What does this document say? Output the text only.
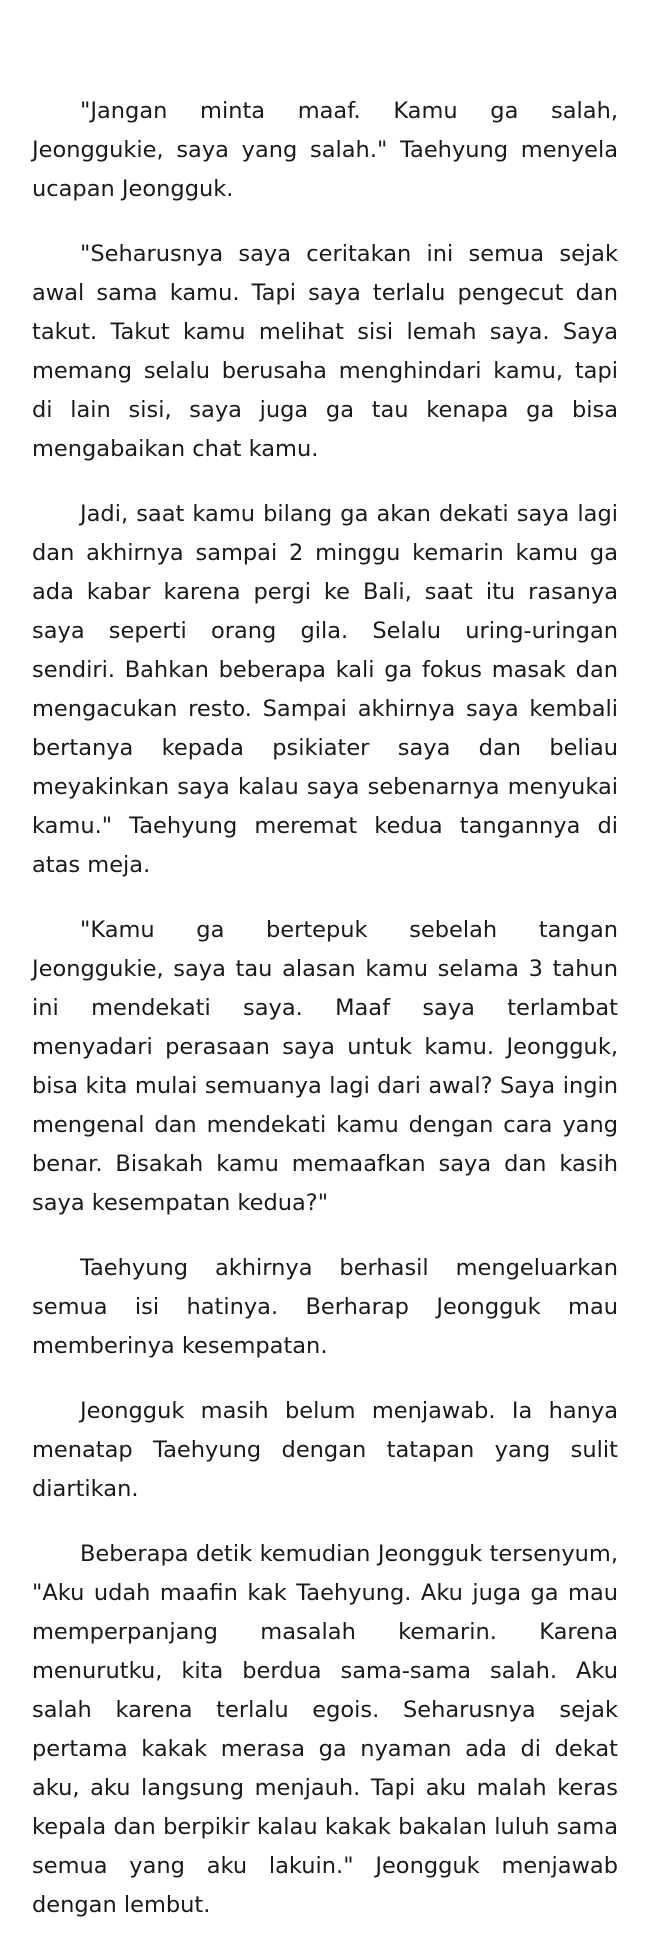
"Jangan minta maaf. Kamu ga salah, Jeonggukie, saya yang salah." Taehyung menyela ucapan Jeongguk.

"Seharusnya saya ceritakan ini semua sejak awal sama kamu. Tapi saya terlalu pengecut dan takut. Takut kamu melihat sisi lemah saya. Saya memang selalu berusaha menghindari kamu, tapi di lain sisi, saya juga ga tau kenapa ga bisa mengabaikan chat kamu.

Jadi, saat kamu bilang ga akan dekati saya lagi dan akhirnya sampai 2 minggu kemarin kamu ga ada kabar karena pergi ke Bali, saat itu rasanya saya seperti orang gila. Selalu uring-uringan sendiri. Bahkan beberapa kali ga fokus masak dan mengacukan resto. Sampai akhirnya saya kembali bertanya kepada psikiater saya dan beliau meyakinkan saya kalau saya sebenarnya menyukai kamu." Taehyung meremat kedua tangannya di atas meja.

"Kamu ga bertepuk sebelah tangan Jeonggukie, saya tau alasan kamu selama 3 tahun ini mendekati saya. Maaf saya terlambat menyadari perasaan saya untuk kamu. Jeongguk, bisa kita mulai semuanya lagi dari awal? Saya ingin mengenal dan mendekati kamu dengan cara yang benar. Bisakah kamu memaafkan saya dan kasih saya kesempatan kedua?"

Taehyung akhirnya berhasil mengeluarkan semua isi hatinya. Berharap Jeongguk mau memberinya kesempatan.

Jeongguk masih belum menjawab. Ia hanya menatap Taehyung dengan tatapan yang sulit diartikan.

Beberapa detik kemudian Jeongguk tersenyum, "Aku udah maafin kak Taehyung. Aku juga ga mau memperpanjang masalah kemarin. Karena menurutku, kita berdua sama-sama salah. Aku salah karena terlalu egois. Seharusnya sejak pertama kakak merasa ga nyaman ada di dekat aku, aku langsung menjauh. Tapi aku malah keras kepala dan berpikir kalau kakak bakalan luluh sama semua yang aku lakuin." Jeongguk menjawab dengan lembut.
